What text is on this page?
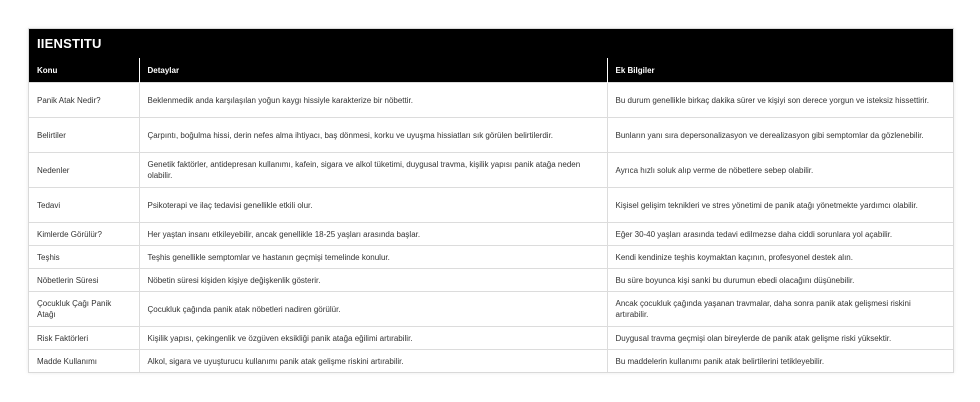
IIENSTITU
Konu	Detaylar	Ek Bilgiler
Panik Atak Nedir?	Beklenmedik anda karşılaşılan yoğun kaygı hissiyle karakterize bir nöbettir.	Bu durum genellikle birkaç dakika sürer ve kişiyi son derece yorgun ve isteksiz hissettirir.
Belirtiler	Çarpıntı, boğulma hissi, derin nefes alma ihtiyacı, baş dönmesi, korku ve uyuşma hissiatları sık görülen belirtilerdir.	Bunların yanı sıra depersonalizasyon ve derealizasyon gibi semptomlar da gözlenebilir.
Nedenler	Genetik faktörler, antidepresan kullanımı, kafein, sigara ve alkol tüketimi, duygusal travma, kişilik yapısı panik atağa neden olabilir.	Ayrıca hızlı soluk alıp verme de nöbetlere sebep olabilir.
Tedavi	Psikoterapi ve ilaç tedavisi genellikle etkili olur.	Kişisel gelişim teknikleri ve stres yönetimi de panik atağı yönetmekte yardımcı olabilir.
Kimlerde Görülür?	Her yaştan insanı etkileyebilir, ancak genellikle 18-25 yaşları arasında başlar.	Eğer 30-40 yaşları arasında tedavi edilmezse daha ciddi sorunlara yol açabilir.
Teşhis	Teşhis genellikle semptomlar ve hastanın geçmişi temelinde konulur.	Kendi kendinize teşhis koymaktan kaçının, profesyonel destek alın.
Nöbetlerin Süresi	Nöbetin süresi kişiden kişiye değişkenlik gösterir.	Bu süre boyunca kişi sanki bu durumun ebedi olacağını düşünebilir.
Çocukluk Çağı Panik Atağı	Çocukluk çağında panik atak nöbetleri nadiren görülür.	Ancak çocukluk çağında yaşanan travmalar, daha sonra panik atak gelişmesi riskini artırabilir.
Risk Faktörleri	Kişilik yapısı, çekingenlik ve özgüven eksikliği panik atağa eğilimi artırabilir.	Duygusal travma geçmişi olan bireylerde de panik atak gelişme riski yüksektir.
Madde Kullanımı	Alkol, sigara ve uyuşturucu kullanımı panik atak gelişme riskini artırabilir.	Bu maddelerin kullanımı panik atak belirtilerini tetikleyebilir.
